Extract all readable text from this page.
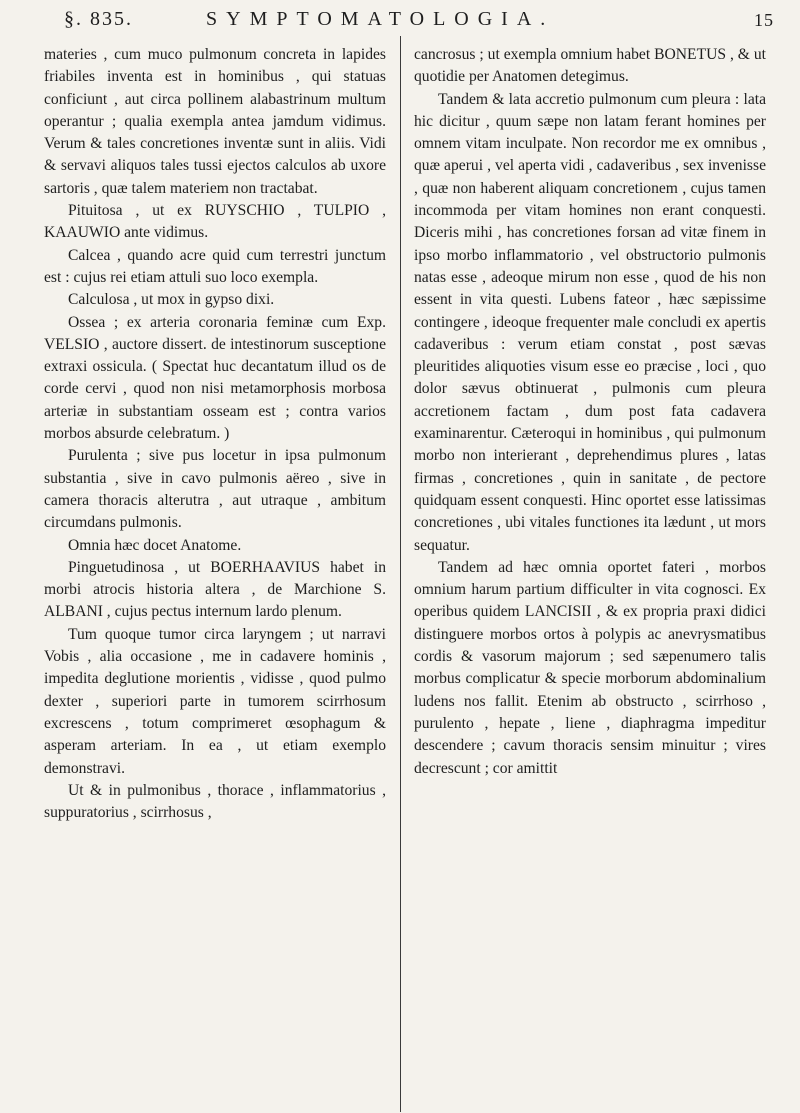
§. 835.	SYMPTOMATOLOGIA.	15

materies , cum muco pulmonum concreta in lapides friabiles inventa est in hominibus , qui statuas conficiunt , aut circa pollinem alabastrinum multum operantur ; qualia exempla antea jamdum vidimus. Verum & tales concretiones inventæ sunt in aliis. Vidi & servavi aliquos tales tussi ejectos calculos ab uxore sartoris , quæ talem materiem non tractabat.

Pituitosa , ut ex RUYSCHIO , TULPIO , KAAUWIO ante vidimus.

Calcea , quando acre quid cum terrestri junctum est : cujus rei etiam attuli suo loco exempla.

Calculosa , ut mox in gypso dixi.

Ossea ; ex arteria coronaria feminæ cum Exp. VELSIO , auctore dissert. de intestinorum susceptione extraxi ossicula. ( Spectat huc decantatum illud os de corde cervi , quod non nisi metamorphosis morbosa arteriæ in substantiam osseam est ; contra varios morbos absurde celebratum. )

Purulenta ; sive pus locetur in ipsa pulmonum substantia , sive in cavo pulmonis aëreo , sive in camera thoracis alterutra , aut utraque , ambitum circumdans pulmonis.

Omnia hæc docet Anatome.

Pinguetudinosa , ut BOERHAAVIUS habet in morbi atrocis historia altera , de Marchione S. ALBANI , cujus pectus internum lardo plenum.

Tum quoque tumor circa laryngem ; ut narravi Vobis , alia occasione , me in cadavere hominis , impedita deglutione morientis , vidisse , quod pulmo dexter , superiori parte in tumorem scirrhosum excrescens , totum comprimeret œsophagum & asperam arteriam. In ea , ut etiam exemplo demonstravi.

Ut & in pulmonibus , thorace , inflammatorius , suppuratorius , scirrhosus ,

cancrosus ; ut exempla omnium habet BONETUS , & ut quotidie per Anatomen detegimus.

Tandem & lata accretio pulmonum cum pleura : lata hic dicitur , quum sæpe non latam ferant homines per omnem vitam inculpate. Non recordor me ex omnibus , quæ aperui , vel aperta vidi , cadaveribus , sex invenisse , quæ non haberent aliquam concretionem , cujus tamen incommoda per vitam homines non erant conquesti. Diceris mihi , has concretiones forsan ad vitæ finem in ipso morbo inflammatorio , vel obstructorio pulmonis natas esse , adeoque mirum non esse , quod de his non essent in vita questi. Lubens fateor , hæc sæpissime contingere , ideoque frequenter male concludi ex apertis cadaveribus : verum etiam constat , post sævas pleuritides aliquoties visum esse eo præcise , loci , quo dolor sævus obtinuerat , pulmonis cum pleura accretionem factam , dum post fata cadavera examinarentur. Cæteroqui in hominibus , qui pulmonum morbo non interierant , deprehendimus plures , latas firmas , concretiones , quin in sanitate , de pectore quidquam essent conquesti. Hinc oportet esse latissimas concretiones , ubi vitales functiones ita lædunt , ut mors sequatur.

Tandem ad hæc omnia oportet fateri , morbos omnium harum partium difficulter in vita cognosci. Ex operibus quidem LANCISII , & ex propria praxi didici distinguere morbos ortos à polypis ac anevrysmatibus cordis & vasorum majorum ; sed sæpenumero talis morbus complicatur & specie morborum abdominalium ludens nos fallit. Etenim ab obstructo , scirrhoso , purulento , hepate , liene , diaphragma impeditur descendere ; cavum thoracis sensim minuitur ; vires decrescunt ; cor amittit
